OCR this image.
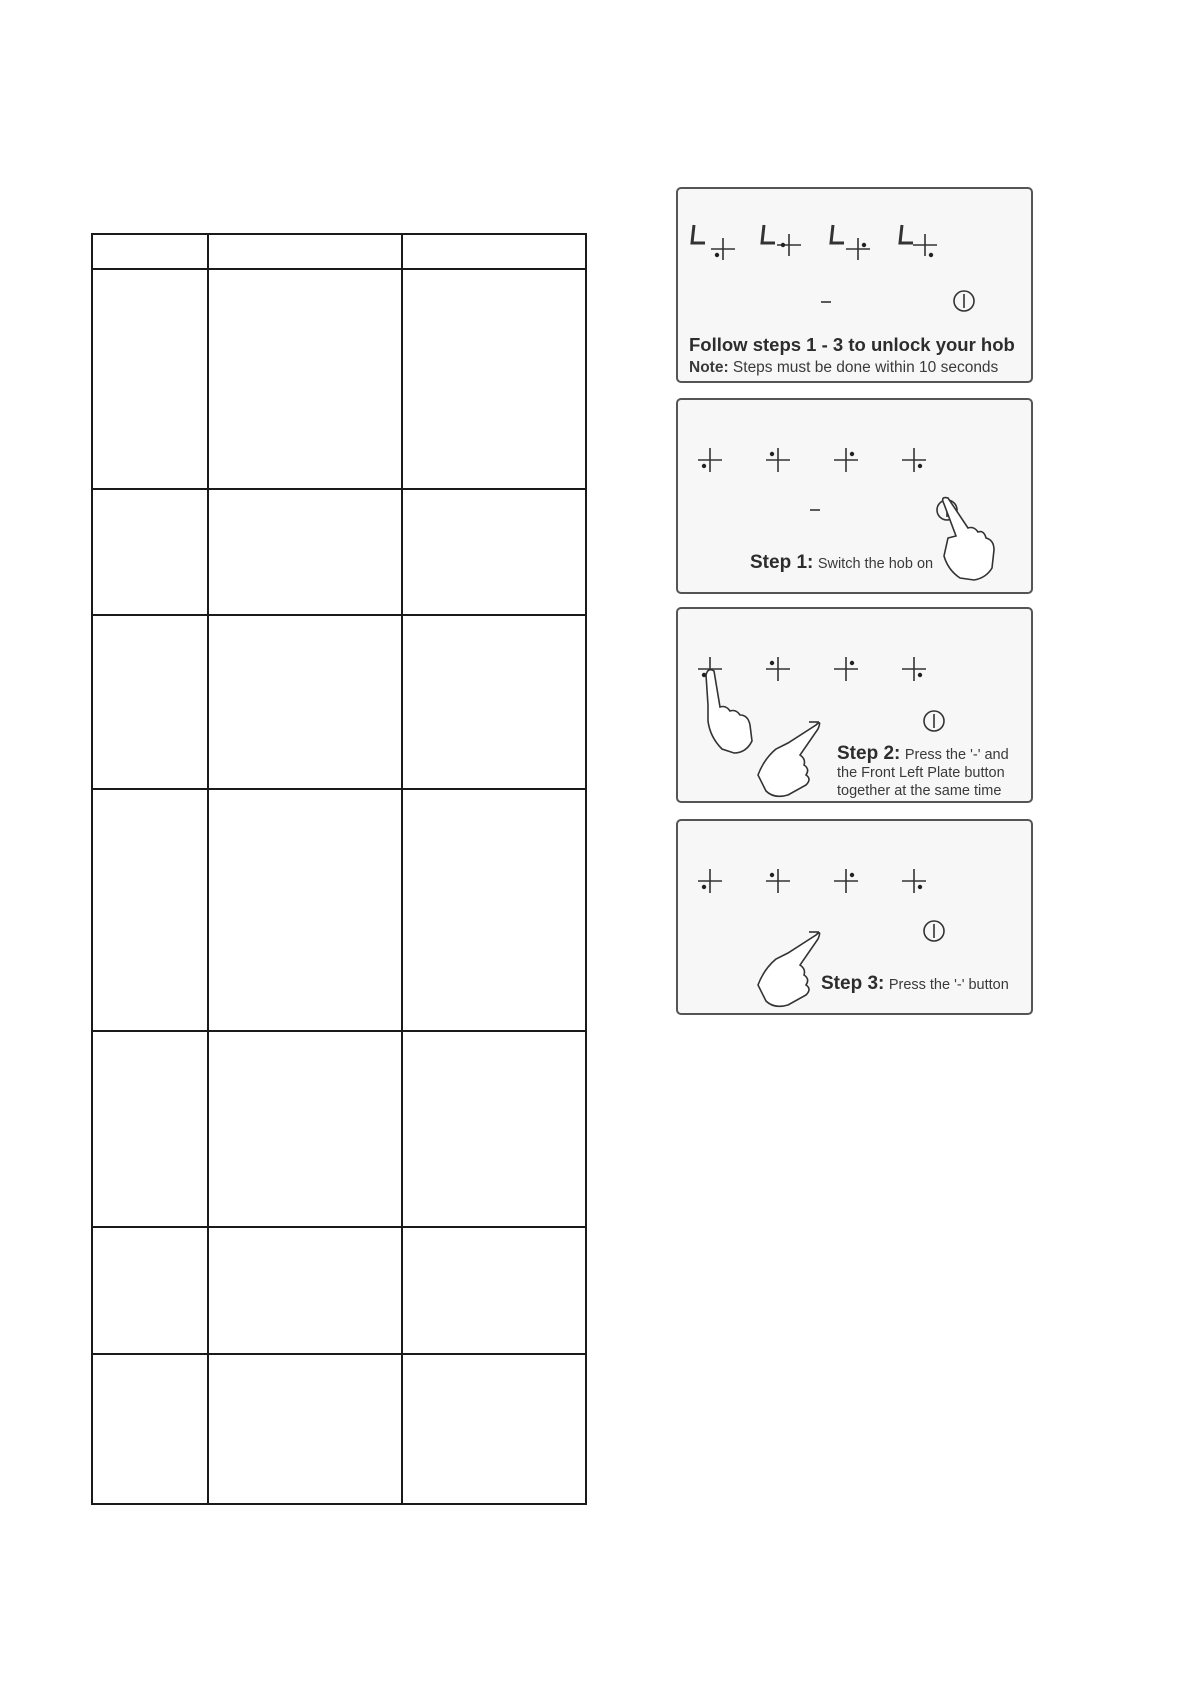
Follow steps 1 - 3 to unlock your hob
Note: Steps must be done within 10 seconds
Step 1: Switch the hob on
Step 2: Press the '-' and
the Front Left Plate button
together at the same time
Step 3: Press the '-' button
